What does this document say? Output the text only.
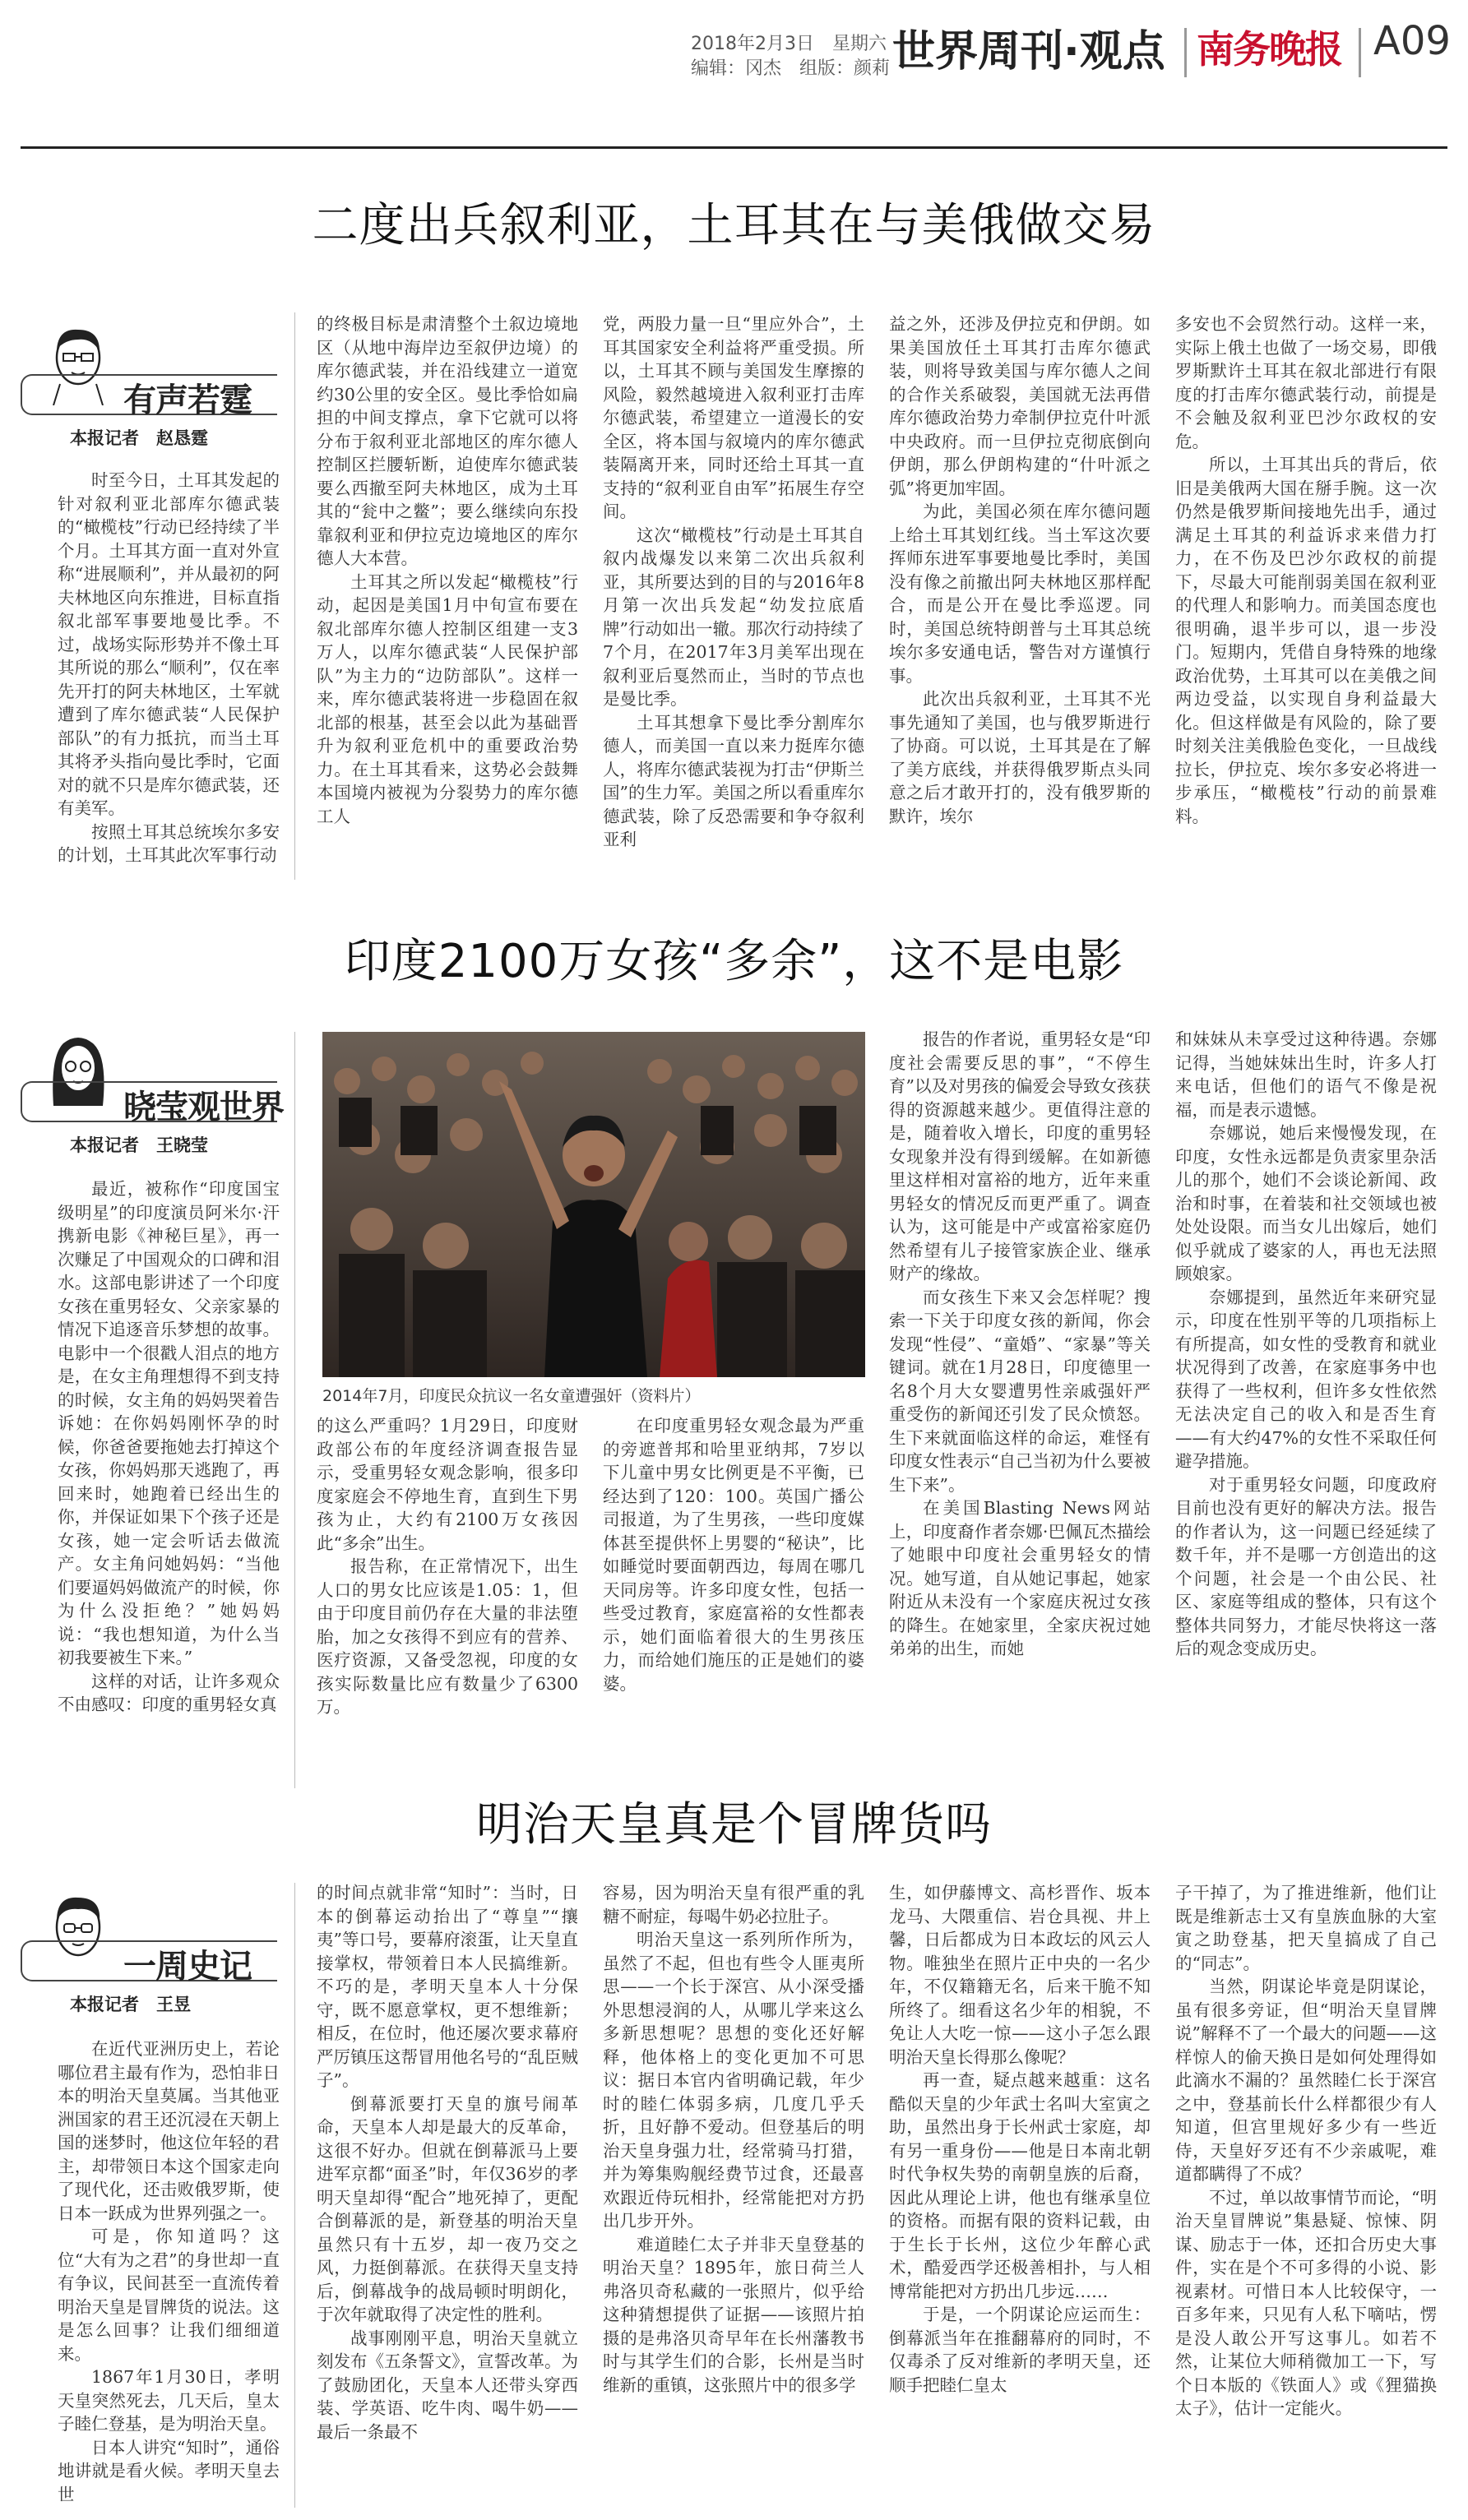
2018年2月3日　星期六
编辑：冈杰　组版：颜莉 世界周刊·观点 南务晚报 A09
二度出兵叙利亚，土耳其在与美俄做交易
有声若霆
本报记者　赵恳霆

时至今日，土耳其发起的针对叙利亚北部库尔德武装的“橄榄枝”行动已经持续了半个月。土耳其方面一直对外宣称“进展顺利”，并从最初的阿夫林地区向东推进，目标直指叙北部军事要地曼比季。不过，战场实际形势并不像土耳其所说的那么“顺利”，仅在率先开打的阿夫林地区，土军就遭到了库尔德武装“人民保护部队”的有力抵抗，而当土耳其将矛头指向曼比季时，它面对的就不只是库尔德武装，还有美军。

按照土耳其总统埃尔多安的计划，土耳其此次军事行动

的终极目标是肃清整个土叙边境地区（从地中海岸边至叙伊边境）的库尔德武装，并在沿线建立一道宽约30公里的安全区。曼比季恰如扁担的中间支撑点，拿下它就可以将分布于叙利亚北部地区的库尔德人控制区拦腰斩断，迫使库尔德武装要么西撤至阿夫林地区，成为土耳其的“瓮中之鳖”；要么继续向东投靠叙利亚和伊拉克边境地区的库尔德人大本营。

土耳其之所以发起“橄榄枝”行动，起因是美国1月中旬宣布要在叙北部库尔德人控制区组建一支3万人，以库尔德武装“人民保护部队”为主力的“边防部队”。这样一来，库尔德武装将进一步稳固在叙北部的根基，甚至会以此为基础晋升为叙利亚危机中的重要政治势力。在土耳其看来，这势必会鼓舞本国境内被视为分裂势力的库尔德工人

党，两股力量一旦“里应外合”，土耳其国家安全利益将严重受损。所以，土耳其不顾与美国发生摩擦的风险，毅然越境进入叙利亚打击库尔德武装，希望建立一道漫长的安全区，将本国与叙境内的库尔德武装隔离开来，同时还给土耳其一直支持的“叙利亚自由军”拓展生存空间。

这次“橄榄枝”行动是土耳其自叙内战爆发以来第二次出兵叙利亚，其所要达到的目的与2016年8月第一次出兵发起“幼发拉底盾牌”行动如出一辙。那次行动持续了7个月，在2017年3月美军出现在叙利亚后戛然而止，当时的节点也是曼比季。

土耳其想拿下曼比季分割库尔德人，而美国一直以来力挺库尔德人，将库尔德武装视为打击“伊斯兰国”的生力军。美国之所以看重库尔德武装，除了反恐需要和争夺叙利亚利

益之外，还涉及伊拉克和伊朗。如果美国放任土耳其打击库尔德武装，则将导致美国与库尔德人之间的合作关系破裂，美国就无法再借库尔德政治势力牵制伊拉克什叶派中央政府。而一旦伊拉克彻底倒向伊朗，那么伊朗构建的“什叶派之弧”将更加牢固。

为此，美国必须在库尔德问题上给土耳其划红线。当土军这次要挥师东进军事要地曼比季时，美国没有像之前撤出阿夫林地区那样配合，而是公开在曼比季巡逻。同时，美国总统特朗普与土耳其总统埃尔多安通电话，警告对方谨慎行事。

此次出兵叙利亚，土耳其不光事先通知了美国，也与俄罗斯进行了协商。可以说，土耳其是在了解了美方底线，并获得俄罗斯点头同意之后才敢开打的，没有俄罗斯的默许，埃尔

多安也不会贸然行动。这样一来，实际上俄土也做了一场交易，即俄罗斯默许土耳其在叙北部进行有限度的打击库尔德武装行动，前提是不会触及叙利亚巴沙尔政权的安危。

所以，土耳其出兵的背后，依旧是美俄两大国在掰手腕。这一次仍然是俄罗斯间接地先出手，通过满足土耳其的利益诉求来借力打力，在不伤及巴沙尔政权的前提下，尽最大可能削弱美国在叙利亚的代理人和影响力。而美国态度也很明确，退半步可以，退一步没门。短期内，凭借自身特殊的地缘政治优势，土耳其可以在美俄之间两边受益，以实现自身利益最大化。但这样做是有风险的，除了要时刻关注美俄脸色变化，一旦战线拉长，伊拉克、埃尔多安必将进一步承压，“橄榄枝”行动的前景难料。

印度2100万女孩“多余”，这不是电影
晓莹观世界
本报记者　王晓莹

最近，被称作“印度国宝级明星”的印度演员阿米尔·汗携新电影《神秘巨星》，再一次赚足了中国观众的口碑和泪水。这部电影讲述了一个印度女孩在重男轻女、父亲家暴的情况下追逐音乐梦想的故事。电影中一个很戳人泪点的地方是，在女主角理想得不到支持的时候，女主角的妈妈哭着告诉她：在你妈妈刚怀孕的时候，你爸爸要拖她去打掉这个女孩，你妈妈那天逃跑了，再回来时，她跑着已经出生的你，并保证如果下个孩子还是女孩，她一定会听话去做流产。女主角问她妈妈：“当他们要逼妈妈做流产的时候，你为什么没拒绝？”她妈妈说：“我也想知道，为什么当初我要被生下来。”

这样的对话，让许多观众不由感叹：印度的重男轻女真

2014年7月，印度民众抗议一名女童遭强奸（资料片）

的这么严重吗？1月29日，印度财政部公布的年度经济调查报告显示，受重男轻女观念影响，很多印度家庭会不停地生育，直到生下男孩为止，大约有2100万女孩因此“多余”出生。

报告称，在正常情况下，出生人口的男女比应该是1.05：1，但由于印度目前仍存在大量的非法堕胎，加之女孩得不到应有的营养、医疗资源，又备受忽视，印度的女孩实际数量比应有数量少了6300万。

在印度重男轻女观念最为严重的旁遮普邦和哈里亚纳邦，7岁以下儿童中男女比例更是不平衡，已经达到了120：100。英国广播公司报道，为了生男孩，一些印度媒体甚至提供怀上男婴的“秘诀”，比如睡觉时要面朝西边，每周在哪几天同房等。许多印度女性，包括一些受过教育，家庭富裕的女性都表示，她们面临着很大的生男孩压力，而给她们施压的正是她们的婆婆。

报告的作者说，重男轻女是“印度社会需要反思的事”，“不停生育”以及对男孩的偏爱会导致女孩获得的资源越来越少。更值得注意的是，随着收入增长，印度的重男轻女现象并没有得到缓解。在如新德里这样相对富裕的地方，近年来重男轻女的情况反而更严重了。调查认为，这可能是中产或富裕家庭仍然希望有儿子接管家族企业、继承财产的缘故。

而女孩生下来又会怎样呢？搜索一下关于印度女孩的新闻，你会发现“性侵”、“童婚”、“家暴”等关键词。就在1月28日，印度德里一名8个月大女婴遭男性亲戚强奸严重受伤的新闻还引发了民众愤怒。生下来就面临这样的命运，难怪有印度女性表示“自己当初为什么要被生下来”。

在美国Blasting News网站上，印度裔作者奈娜·巴佩瓦杰描绘了她眼中印度社会重男轻女的情况。她写道，自从她记事起，她家附近从未没有一个家庭庆祝过女孩的降生。在她家里，全家庆祝过她弟弟的出生，而她

和妹妹从未享受过这种待遇。奈娜记得，当她妹妹出生时，许多人打来电话，但他们的语气不像是祝福，而是表示遗憾。

奈娜说，她后来慢慢发现，在印度，女性永远都是负责家里杂活儿的那个，她们不会谈论新闻、政治和时事，在着装和社交领域也被处处设限。而当女儿出嫁后，她们似乎就成了婆家的人，再也无法照顾娘家。

奈娜提到，虽然近年来研究显示，印度在性别平等的几项指标上有所提高，如女性的受教育和就业状况得到了改善，在家庭事务中也获得了一些权利，但许多女性依然无法决定自己的收入和是否生育——有大约47%的女性不采取任何避孕措施。

对于重男轻女问题，印度政府目前也没有更好的解决方法。报告的作者认为，这一问题已经延续了数千年，并不是哪一方创造出的这个问题，社会是一个由公民、社区、家庭等组成的整体，只有这个整体共同努力，才能尽快将这一落后的观念变成历史。

明治天皇真是个冒牌货吗
一周史记
本报记者　王昱

在近代亚洲历史上，若论哪位君主最有作为，恐怕非日本的明治天皇莫属。当其他亚洲国家的君王还沉浸在天朝上国的迷梦时，他这位年轻的君主，却带领日本这个国家走向了现代化，还击败俄罗斯，使日本一跃成为世界列强之一。

可是，你知道吗？这位“大有为之君”的身世却一直有争议，民间甚至一直流传着明治天皇是冒牌货的说法。这是怎么回事？让我们细细道来。

1867年1月30日，孝明天皇突然死去，几天后，皇太子睦仁登基，是为明治天皇。

日本人讲究“知时”，通俗地讲就是看火候。孝明天皇去世

的时间点就非常“知时”：当时，日本的倒幕运动抬出了“尊皇”“攘夷”等口号，要幕府滚蛋，让天皇直接掌权，带领着日本人民搞维新。不巧的是，孝明天皇本人十分保守，既不愿意掌权，更不想维新；相反，在位时，他还屡次要求幕府严厉镇压这帮冒用他名号的“乱臣贼子”。

倒幕派要打天皇的旗号闹革命，天皇本人却是最大的反革命，这很不好办。但就在倒幕派马上要进军京都“面圣”时，年仅36岁的孝明天皇却得“配合”地死掉了，更配合倒幕派的是，新登基的明治天皇虽然只有十五岁，却一夜乃交之风，力挺倒幕派。在获得天皇支持后，倒幕战争的战局顿时明朗化，于次年就取得了决定性的胜利。

战事刚刚平息，明治天皇就立刻发布《五条誓文》，宣誓改革。为了鼓励团化，天皇本人还带头穿西装、学英语、吃牛肉、喝牛奶——最后一条最不

容易，因为明治天皇有很严重的乳糖不耐症，每喝牛奶必拉肚子。

明治天皇这一系列所作所为，虽然了不起，但也有些令人匪夷所思——一个长于深宫、从小深受播外思想浸润的人，从哪儿学来这么多新思想呢？思想的变化还好解释，他体格上的变化更加不可思议：据日本官内省明确记载，年少时的睦仁体弱多病，几度几乎夭折，且好静不爱动。但登基后的明治天皇身强力壮，经常骑马打猎，并为筹集购舰经费节过食，还最喜欢跟近侍玩相扑，经常能把对方扔出几步开外。

难道睦仁太子并非天皇登基的明治天皇？1895年，旅日荷兰人弗洛贝奇私藏的一张照片，似乎给这种猜想提供了证据——该照片拍摄的是弗洛贝奇早年在长州藩教书时与其学生们的合影，长州是当时维新的重镇，这张照片中的很多学

生，如伊藤博文、高杉晋作、坂本龙马、大隈重信、岩仓具视、井上馨，日后都成为日本政坛的风云人物。唯独坐在照片正中央的一名少年，不仅籍籍无名，后来干脆不知所终了。细看这名少年的相貌，不免让人大吃一惊——这小子怎么跟明治天皇长得那么像呢？

再一查，疑点越来越重：这名酷似天皇的少年武士名叫大室寅之助，虽然出身于长州武士家庭，却有另一重身份——他是日本南北朝时代争权失势的南朝皇族的后裔，因此从理论上讲，他也有继承皇位的资格。而据有限的资料记载，由于生长于长州，这位少年醉心武术，酷爱西学还极善相扑，与人相博常能把对方扔出几步远……

于是，一个阴谋论应运而生：倒幕派当年在推翻幕府的同时，不仅毒杀了反对维新的孝明天皇，还顺手把睦仁皇太

子干掉了，为了推进维新，他们让既是维新志士又有皇族血脉的大室寅之助登基，把天皇搞成了自己的“同志”。

当然，阴谋论毕竟是阴谋论，虽有很多旁证，但“明治天皇冒牌说”解释不了一个最大的问题——这样惊人的偷天换日是如何处理得如此滴水不漏的？虽然睦仁长于深宫之中，登基前长什么样都很少有人知道，但宫里规好多少有一些近侍，天皇好歹还有不少亲戚呢，难道都瞒得了不成？

不过，单以故事情节而论，“明治天皇冒牌说”集悬疑、惊悚、阴谋、励志于一体，还扣合历史大事件，实在是个不可多得的小说、影视素材。可惜日本人比较保守，一百多年来，只见有人私下嘀咕，愣是没人敢公开写这事儿。如若不然，让某位大师稍微加工一下，写个日本版的《铁面人》或《狸猫换太子》，估计一定能火。
